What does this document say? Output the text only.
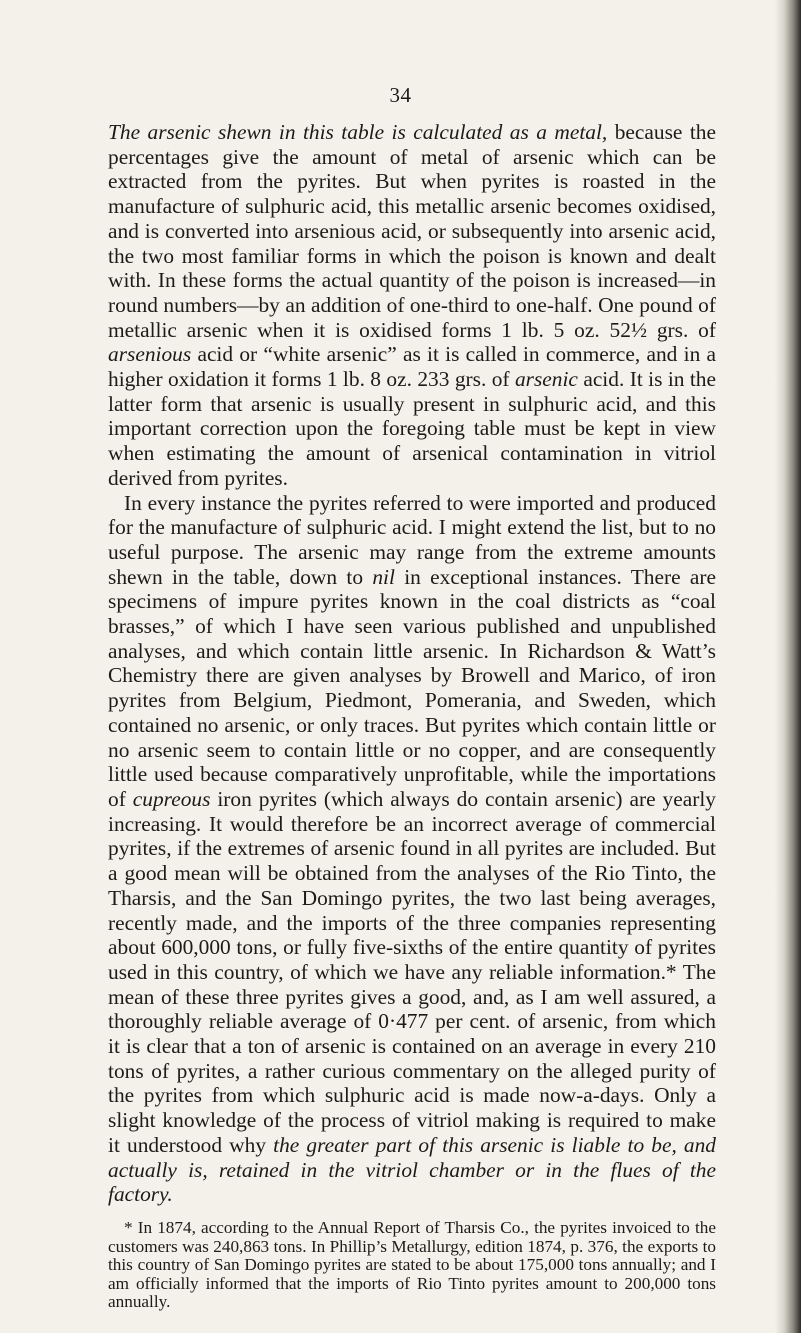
34

The arsenic shewn in this table is calculated as a metal, because the percentages give the amount of metal of arsenic which can be extracted from the pyrites. But when pyrites is roasted in the manufacture of sulphuric acid, this metallic arsenic becomes oxidised, and is converted into arsenious acid, or subsequently into arsenic acid, the two most familiar forms in which the poison is known and dealt with. In these forms the actual quantity of the poison is increased—in round numbers—by an addition of one-third to one-half. One pound of metallic arsenic when it is oxidised forms 1 lb. 5 oz. 52½ grs. of arsenious acid or “white arsenic” as it is called in commerce, and in a higher oxidation it forms 1 lb. 8 oz. 233 grs. of arsenic acid. It is in the latter form that arsenic is usually present in sulphuric acid, and this important correction upon the foregoing table must be kept in view when estimating the amount of arsenical contamination in vitriol derived from pyrites.

In every instance the pyrites referred to were imported and produced for the manufacture of sulphuric acid. I might extend the list, but to no useful purpose. The arsenic may range from the extreme amounts shewn in the table, down to nil in exceptional instances. There are specimens of impure pyrites known in the coal districts as “coal brasses,” of which I have seen various published and unpublished analyses, and which contain little arsenic. In Richardson & Watt’s Chemistry there are given analyses by Browell and Marico, of iron pyrites from Belgium, Piedmont, Pomerania, and Sweden, which contained no arsenic, or only traces. But pyrites which contain little or no arsenic seem to contain little or no copper, and are consequently little used because comparatively unprofitable, while the importations of cupreous iron pyrites (which always do contain arsenic) are yearly increasing. It would therefore be an incorrect average of commercial pyrites, if the extremes of arsenic found in all pyrites are included. But a good mean will be obtained from the analyses of the Rio Tinto, the Tharsis, and the San Domingo pyrites, the two last being averages, recently made, and the imports of the three companies representing about 600,000 tons, or fully five-sixths of the entire quantity of pyrites used in this country, of which we have any reliable information.* The mean of these three pyrites gives a good, and, as I am well assured, a thoroughly reliable average of 0·477 per cent. of arsenic, from which it is clear that a ton of arsenic is contained on an average in every 210 tons of pyrites, a rather curious commentary on the alleged purity of the pyrites from which sulphuric acid is made now-a-days. Only a slight knowledge of the process of vitriol making is required to make it understood why the greater part of this arsenic is liable to be, and actually is, retained in the vitriol chamber or in the flues of the factory.

* In 1874, according to the Annual Report of Tharsis Co., the pyrites invoiced to the customers was 240,863 tons. In Phillip’s Metallurgy, edition 1874, p. 376, the exports to this country of San Domingo pyrites are stated to be about 175,000 tons annually; and I am officially informed that the imports of Rio Tinto pyrites amount to 200,000 tons annually.
